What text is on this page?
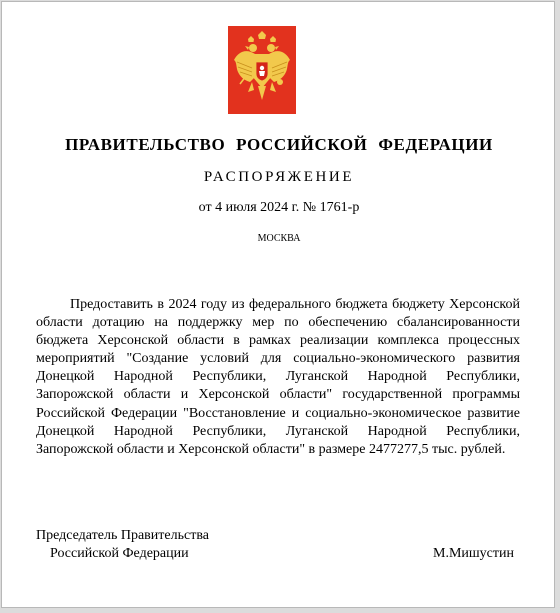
ПРАВИТЕЛЬСТВО РОССИЙСКОЙ ФЕДЕРАЦИИ
РАСПОРЯЖЕНИЕ
от 4 июля 2024 г. № 1761-р
МОСКВА

Предоставить в 2024 году из федерального бюджета бюджету Херсонской области дотацию на поддержку мер по обеспечению сбалансированности бюджета Херсонской области в рамках реализации комплекса процессных мероприятий "Создание условий для социально-экономического развития Донецкой Народной Республики, Луганской Народной Республики, Запорожской области и Херсонской области" государственной программы Российской Федерации "Восстановление и социально-экономическое развитие Донецкой Народной Республики, Луганской Народной Республики, Запорожской области и Херсонской области" в размере 2477277,5 тыс. рублей.

Председатель Правительства
Российской Федерации	М.Мишустин
